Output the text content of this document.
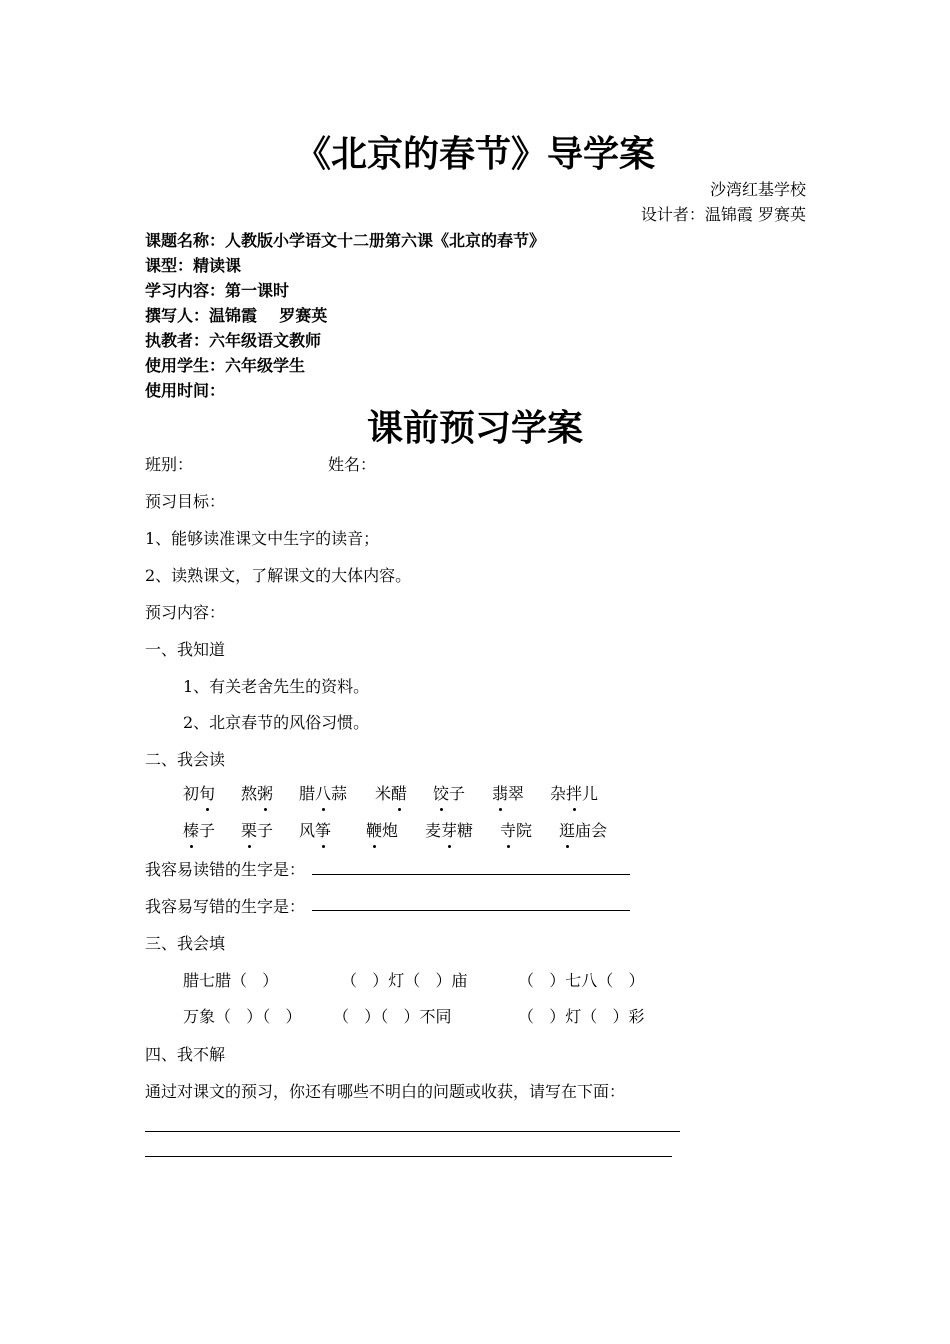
《北京的春节》导学案
沙湾红基学校
设计者：温锦霞 罗赛英
课题名称：人教版小学语文十二册第六课《北京的春节》
课型：精读课
学习内容：第一课时
撰写人：温锦霞    罗赛英
执教者：六年级语文教师
使用学生：六年级学生
使用时间：
课前预习学案
班别：	姓名：
预习目标：
1、能够读准课文中生字的读音；
2、读熟课文，了解课文的大体内容。
预习内容：
一、我知道
1、有关老舍先生的资料。
2、北京春节的风俗习惯。
二、我会读
初旬 熬粥 腊八蒜 米醋 饺子 翡翠 杂拌儿
榛子 栗子 风筝 鞭炮 麦芽糖 寺院 逛庙会
我容易读错的生字是：
我容易写错的生字是：
三、我会填
腊七腊（   ）	（   ）灯（   ）庙	（   ）七八（   ）
万象（   ）（   ） （   ）（   ）不同	（   ）灯（   ）彩
四、我不解
通过对课文的预习，你还有哪些不明白的问题或收获，请写在下面：
